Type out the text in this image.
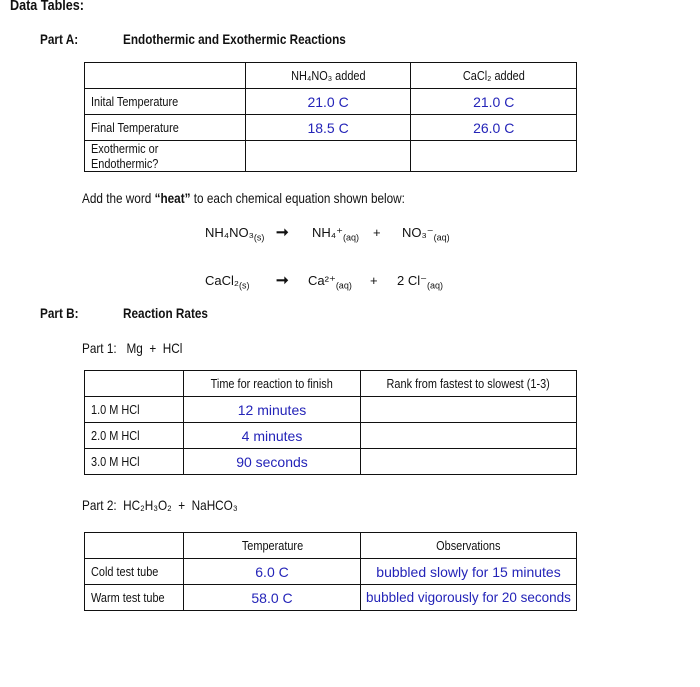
Data Tables:
Part A:	Endothermic and Exothermic Reactions
	NH₄NO₃ added	CaCl₂ added
Inital Temperature	21.0 C	21.0 C
Final Temperature	18.5 C	26.0 C
Exothermic or Endothermic?		
Add the word “heat” to each chemical equation shown below:
$NH_4NO_3_{(s)}$ ➞ $NH_4^+_{(aq)} + NO_3^-_{(aq)}$
$CaCl_2_{(s)}$ ➞ $Ca^{2+}_{(aq)} + 2$ $Cl^-_{(aq)}$
Part B:	Reaction Rates
Part 1:   Mg  +  HCl
	Time for reaction to finish	Rank from fastest to slowest (1-3)
1.0 M HCl	12 minutes	
2.0 M HCl	4 minutes	
3.0 M HCl	90 seconds	
Part 2:  HC₂H₃O₂  +  NaHCO₃
	Temperature	Observations
Cold test tube	6.0 C	bubbled slowly for 15 minutes
Warm test tube	58.0 C	bubbled vigorously for 20 seconds
